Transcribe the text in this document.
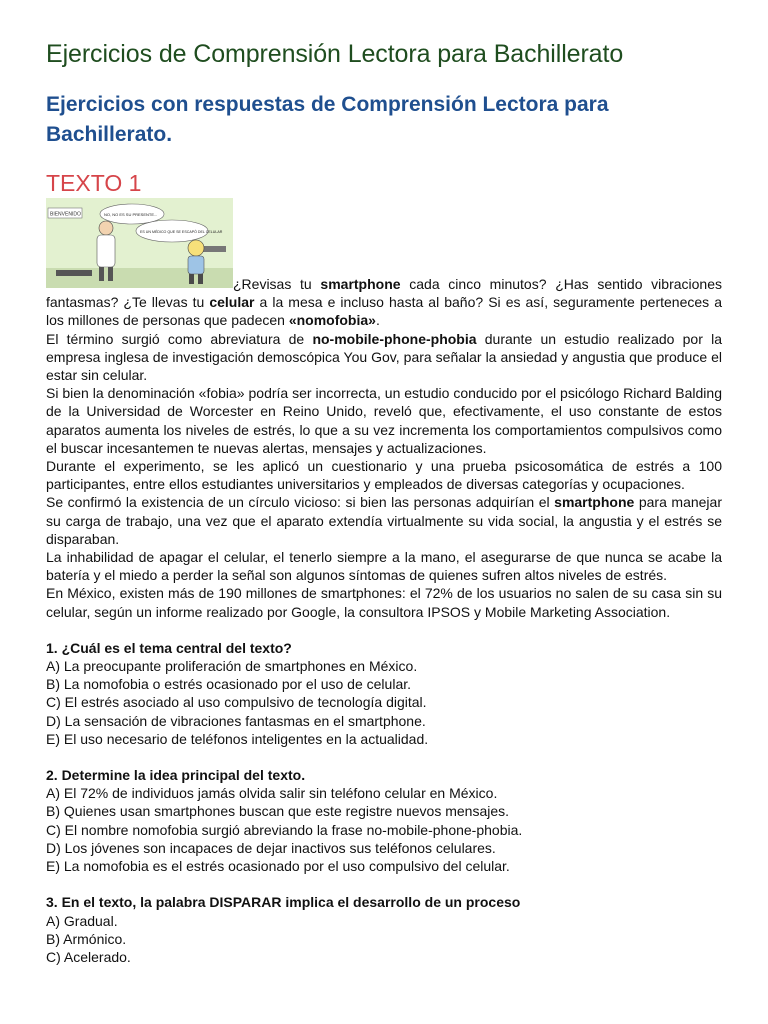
Ejercicios de Comprensión Lectora para Bachillerato
Ejercicios con respuestas de Comprensión Lectora para Bachillerato.
TEXTO 1
BIENVENIDO	NO, NO ES SU PRESENTE...
ES UN MÉDICO QUE SE ESCAPÓ DEL CELULAR

¿Revisas tu smartphone cada cinco minutos? ¿Has sentido vibraciones fantasmas? ¿Te llevas tu celular a la mesa e incluso hasta al baño? Si es así, seguramente perteneces a los millones de personas que padecen «nomofobia».

El término surgió como abreviatura de no-mobile-phone-phobia durante un estudio realizado por la empresa inglesa de investigación demoscópica You Gov, para señalar la ansiedad y angustia que produce el estar sin celular.

Si bien la denominación «fobia» podría ser incorrecta, un estudio conducido por el psicólogo Richard Balding de la Universidad de Worcester en Reino Unido, reveló que, efectivamente, el uso constante de estos aparatos aumenta los niveles de estrés, lo que a su vez incrementa los comportamientos compulsivos como el buscar incesantemen te nuevas alertas, mensajes y actualizaciones.

Durante el experimento, se les aplicó un cuestionario y una prueba psicosomática de estrés a 100 participantes, entre ellos estudiantes universitarios y empleados de diversas categorías y ocupaciones.

Se confirmó la existencia de un círculo vicioso: si bien las personas adquirían el smartphone para manejar su carga de trabajo, una vez que el aparato extendía virtualmente su vida social, la angustia y el estrés se disparaban.

La inhabilidad de apagar el celular, el tenerlo siempre a la mano, el asegurarse de que nunca se acabe la batería y el miedo a perder la señal son algunos síntomas de quienes sufren altos niveles de estrés.

En México, existen más de 190 millones de smartphones: el 72% de los usuarios no salen de su casa sin su celular, según un informe realizado por Google, la consultora IPSOS y Mobile Marketing Association.

1. ¿Cuál es el tema central del texto?

A) La preocupante proliferación de smartphones en México.

B) La nomofobia o estrés ocasionado por el uso de celular.

C) El estrés asociado al uso compulsivo de tecnología digital.

D) La sensación de vibraciones fantasmas en el smartphone.

E) El uso necesario de teléfonos inteligentes en la actualidad.

2. Determine la idea principal del texto.

A) El 72% de individuos jamás olvida salir sin teléfono celular en México.

B) Quienes usan smartphones buscan que este registre nuevos mensajes.

C) El nombre nomofobia surgió abreviando la frase no-mobile-phone-phobia.

D) Los jóvenes son incapaces de dejar inactivos sus teléfonos celulares.

E) La nomofobia es el estrés ocasionado por el uso compulsivo del celular.

3. En el texto, la palabra DISPARAR implica el desarrollo de un proceso

A) Gradual.

B) Armónico.

C) Acelerado.
